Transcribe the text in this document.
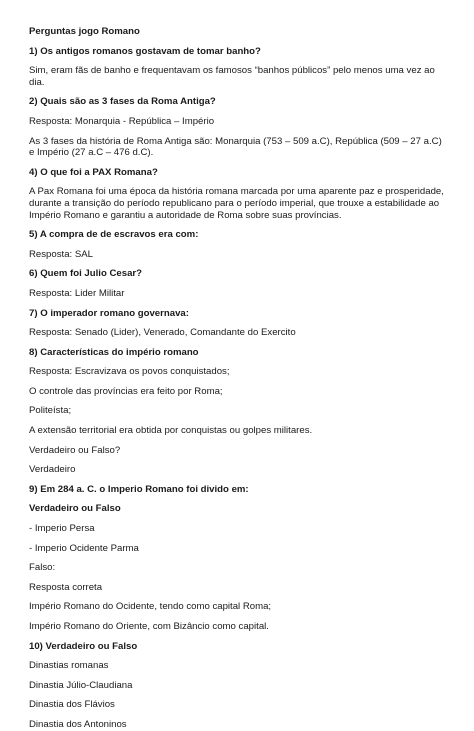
Perguntas jogo Romano
1) Os antigos romanos gostavam de tomar banho?
Sim, eram fãs de banho e frequentavam os famosos “banhos públicos” pelo menos uma vez ao dia.
2) Quais são as 3 fases da Roma Antiga?
Resposta: Monarquia - República – Império
As 3 fases da história de Roma Antiga são: Monarquia (753 – 509 a.C), República (509 – 27 a.C) e Império (27 a.C – 476 d.C).
4) O que foi a PAX Romana?
A Pax Romana foi uma época da história romana marcada por uma aparente paz e prosperidade, durante a transição do período republicano para o período imperial, que trouxe a estabilidade ao Império Romano e garantiu a autoridade de Roma sobre suas províncias.
5) A compra de de escravos era com:
Resposta: SAL
6) Quem foi Julio Cesar?
Resposta: Lider Militar
7) O imperador romano governava:
Resposta: Senado (Lider), Venerado, Comandante do Exercito
8) Características do império romano
Resposta: Escravizava os povos conquistados;
O controle das províncias era feito por Roma;
Politeísta;
A extensão territorial era obtida por conquistas ou golpes militares.
Verdadeiro ou Falso?
Verdadeiro
9) Em 284 a. C. o Imperio Romano foi divido em:
Verdadeiro ou Falso
- Imperio Persa
- Imperio Ocidente Parma
Falso:
Resposta correta
Império Romano do Ocidente, tendo como capital Roma;
Império Romano do Oriente, com Bizâncio como capital.
10) Verdadeiro ou Falso
Dinastias romanas
Dinastia Júlio-Claudiana
Dinastia dos Flávios
Dinastia dos Antoninos
